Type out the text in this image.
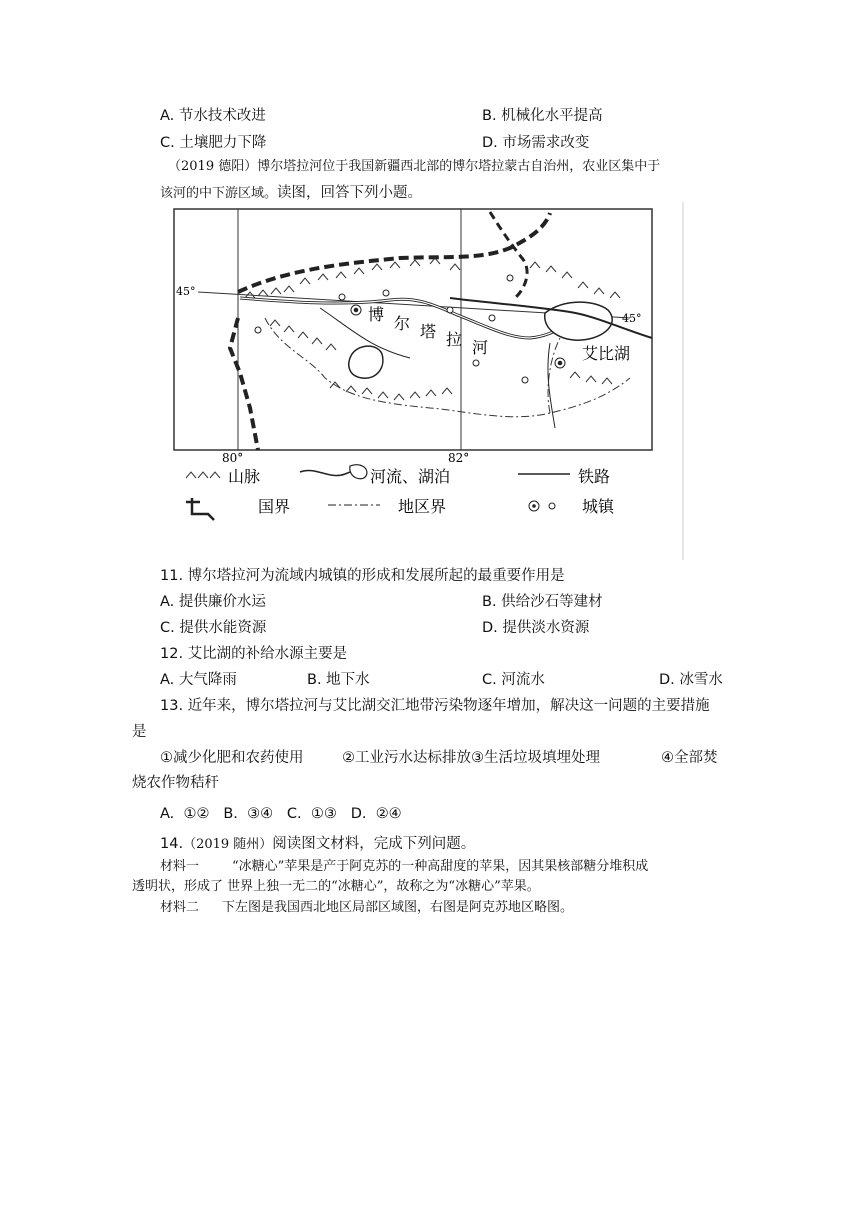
A. 节水技术改进	B. 机械化水平提高
C. 土壤肥力下降	D. 市场需求改变
（2019 德阳）博尔塔拉河位于我国新疆西北部的博尔塔拉蒙古自治州，农业区集中于
该河的中下游区域。读图，回答下列小题。
45°
45°
80°	82°
博 尔 塔 拉 河	艾比湖
山脉	河流、湖泊	铁路
国界	地区界	城镇
11. 博尔塔拉河为流域内城镇的形成和发展所起的最重要作用是
A. 提供廉价水运	B. 供给沙石等建材
C. 提供水能资源	D. 提供淡水资源
12. 艾比湖的补给水源主要是
A. 大气降雨	B. 地下水	C. 河流水	D. 冰雪水
13. 近年来，博尔塔拉河与艾比湖交汇地带污染物逐年增加，解决这一问题的主要措施
是
①减少化肥和农药使用	②工业污水达标排放③生活垃圾填埋处理	④全部焚
烧农作物秸秆
A.  ①②   B.  ③④   C.  ①③   D.  ②④
14.（2019 随州）阅读图文材料，完成下列问题。
材料一	“冰糖心”苹果是产于阿克苏的一种高甜度的苹果，因其果核部糖分堆积成
透明状，形成了 世界上独一无二的“冰糖心”，故称之为“冰糖心”苹果。
材料二 下左图是我国西北地区局部区域图，右图是阿克苏地区略图。
